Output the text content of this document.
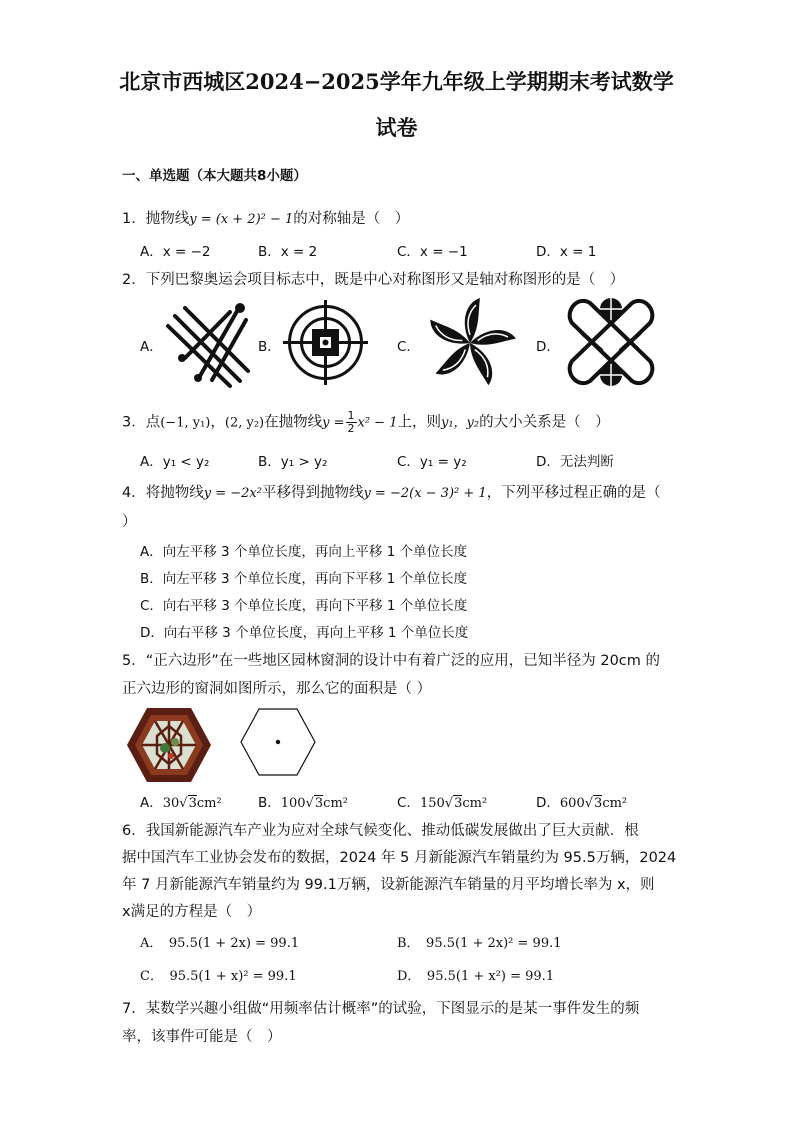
北京市西城区2024−2025学年九年级上学期期末考试数学
试卷
一、单选题（本大题共8小题）
1．抛物线y = (x + 2)² − 1的对称轴是（　）
A．x = −2	B．x = 2	C．x = −1	D．x = 1
2．下列巴黎奥运会项目标志中，既是中心对称图形又是轴对称图形的是（　）
A．	B．	C．	D．
3．点(−1, y₁)，(2, y₂)在抛物线$y = \frac{1}{2} x^2 - 1$上，则y₁，y₂的大小关系是（　）
A．y₁ < y₂	B．y₁ > y₂	C．y₁ = y₂	D．无法判断
4．将抛物线y = −2x²平移得到抛物线y = −2(x − 3)² + 1，下列平移过程正确的是（
）
A．向左平移 3 个单位长度，再向上平移 1 个单位长度
B．向左平移 3 个单位长度，再向下平移 1 个单位长度
C．向右平移 3 个单位长度，再向下平移 1 个单位长度
D．向右平移 3 个单位长度，再向上平移 1 个单位长度
5．“正六边形”在一些地区园林窗洞的设计中有着广泛的应用，已知半径为 20cm 的
正六边形的窗洞如图所示，那么它的面积是（ ）
A．30√3cm²	B．100√3cm²	C．150√3cm²	D．600√3cm²
6．我国新能源汽车产业为应对全球气候变化、推动低碳发展做出了巨大贡献．根
据中国汽车工业协会发布的数据，2024 年 5 月新能源汽车销量约为 95.5万辆，2024
年 7 月新能源汽车销量约为 99.1万辆，设新能源汽车销量的月平均增长率为 x，则
x满足的方程是（　）
A．　95.5(1 + 2x) = 99.1	B．　95.5(1 + 2x)² = 99.1
C．　95.5(1 + x)² = 99.1	D．　95.5(1 + x²) = 99.1
7．某数学兴趣小组做“用频率估计概率”的试验，下图显示的是某一事件发生的频
率，该事件可能是（　）
